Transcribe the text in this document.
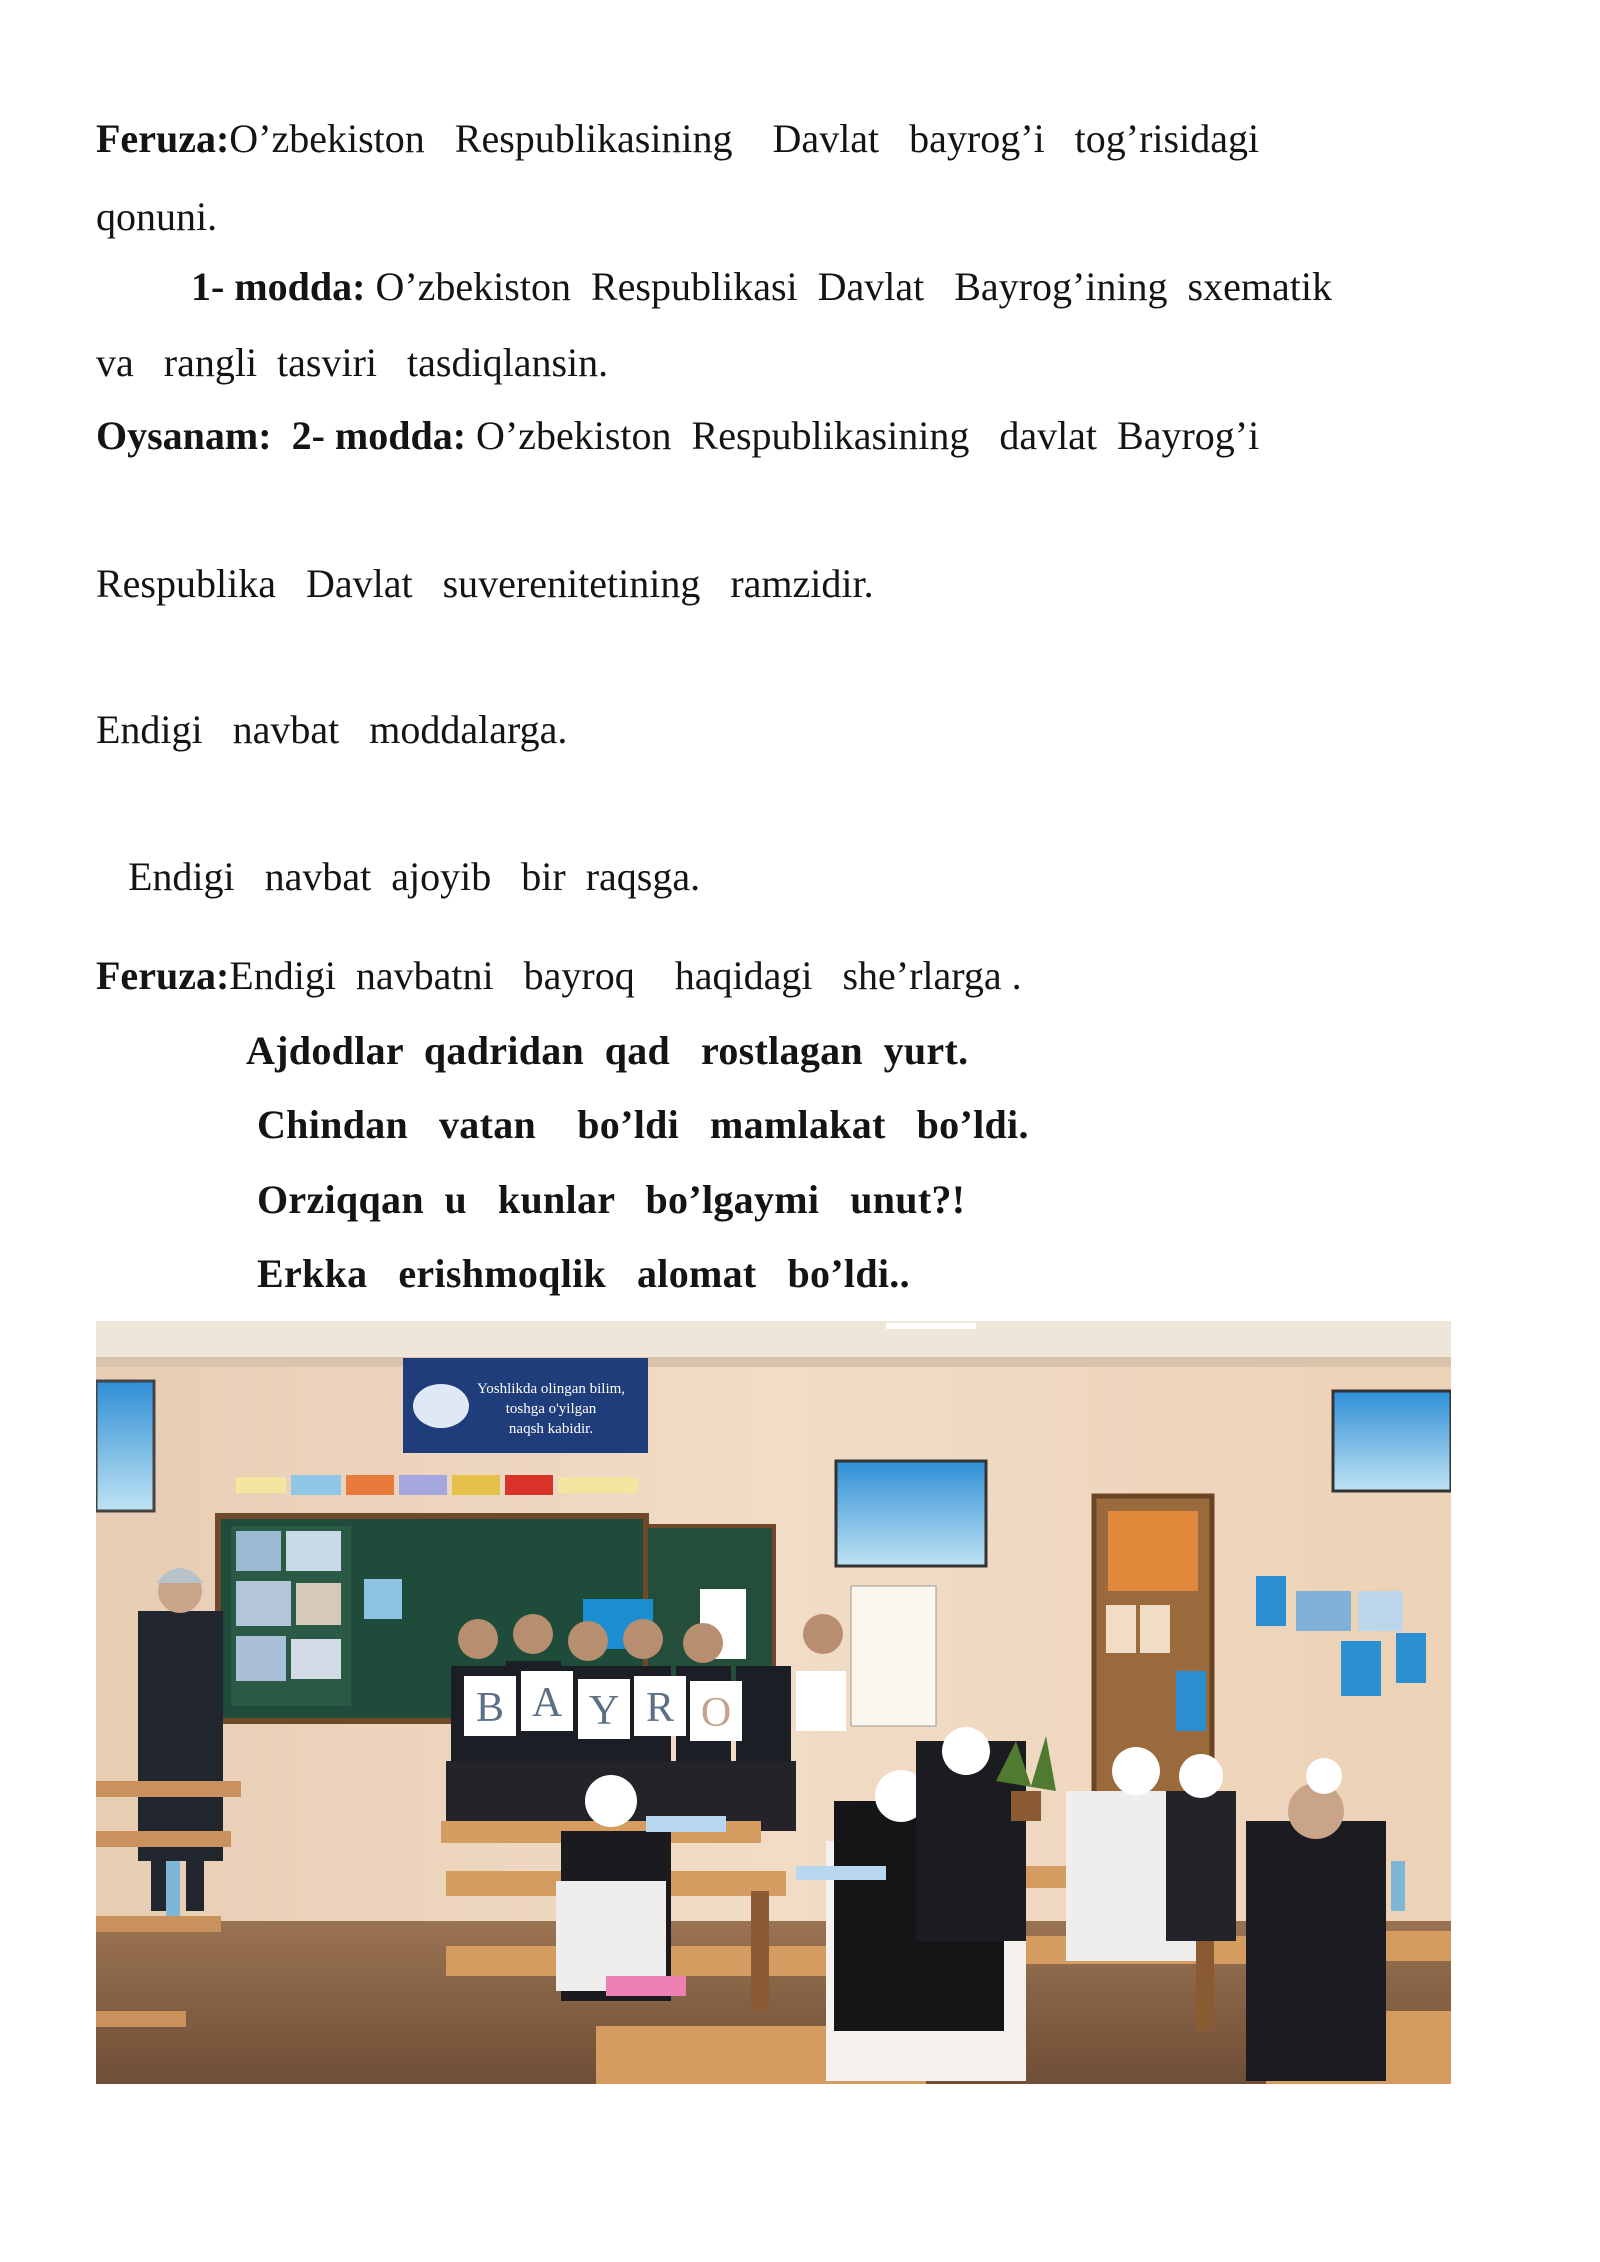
Feruza:O’zbekiston   Respublikasining    Davlat   bayrog’i   tog’risidagi

qonuni.

1- modda: O’zbekiston  Respublikasi  Davlat   Bayrog’ining  sxematik

va   rangli  tasviri   tasdiqlansin.

Oysanam:  2- modda: O’zbekiston  Respublikasining   davlat  Bayrog’i

Respublika   Davlat   suverenitetining   ramzidir.

Endigi   navbat   moddalarga.

Endigi   navbat  ajoyib   bir  raqsga.

Feruza:Endigi  navbatni   bayroq    haqidagi   she’rlarga .

Ajdodlar  qadridan  qad   rostlagan  yurt.

Chindan   vatan    bo’ldi   mamlakat   bo’ldi.

Orziqqan  u   kunlar   bo’lgaymi   unut?!

Erkka   erishmoqlik   alomat   bo’ldi..

Yoshlikda olingan bilim,
toshga o'yilgan
naqsh kabidir.
B A Y R O
